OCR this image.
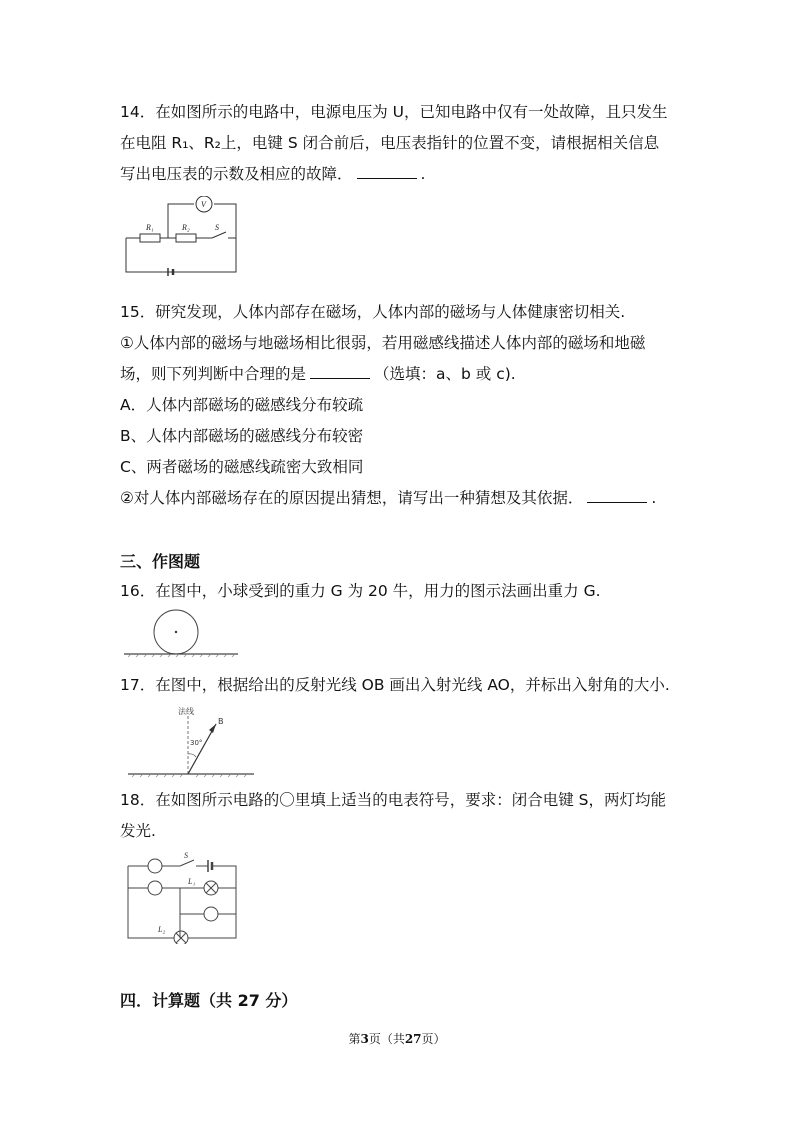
14．在如图所示的电路中，电源电压为 U，已知电路中仅有一处故障，且只发生
在电阻 R₁、R₂上，电键 S 闭合前后，电压表指针的位置不变，请根据相关信息
写出电压表的示数及相应的故障．	.
R₁	R₂	S
V
15．研究发现，人体内部存在磁场，人体内部的磁场与人体健康密切相关.
①人体内部的磁场与地磁场相比很弱，若用磁感线描述人体内部的磁场和地磁
场，则下列判断中合理的是	（选填：a、b 或 c).
A．人体内部磁场的磁感线分布较疏
B、人体内部磁场的磁感线分布较密
C、两者磁场的磁感线疏密大致相同
②对人体内部磁场存在的原因提出猜想，请写出一种猜想及其依据．	.
三、作图题
16．在图中，小球受到的重力 G 为 20 牛，用力的图示法画出重力 G.
17．在图中，根据给出的反射光线 OB 画出入射光线 AO，并标出入射角的大小.
法线
30°
B
18．在如图所示电路的〇里填上适当的电表符号，要求：闭合电键 S，两灯均能
发光.
S
L₁
L₂
四．计算题（共 27 分）
第3页（共27页）
